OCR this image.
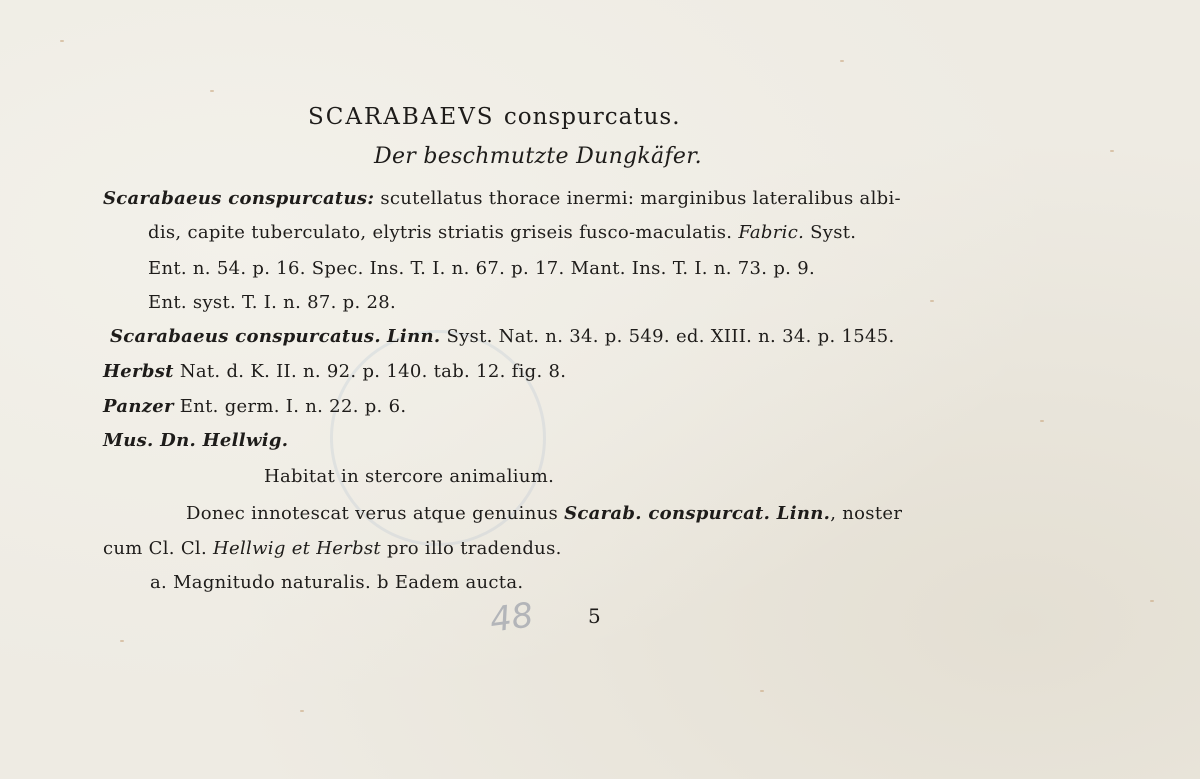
SCARABAEVS conspurcatus.
Der beschmutzte Dungkäfer.
Scarabaeus conspurcatus: scutellatus thorace inermi: marginibus lateralibus albi-
dis, capite tuberculato, elytris striatis griseis fusco-maculatis. Fabric. Syst.
Ent. n. 54. p. 16. Spec. Ins. T. I. n. 67. p. 17. Mant. Ins. T. I. n. 73. p. 9.
Ent. syst. T. I. n. 87. p. 28.
Scarabaeus conspurcatus. Linn. Syst. Nat. n. 34. p. 549. ed. XIII. n. 34. p. 1545.
Herbst Nat. d. K. II. n. 92. p. 140. tab. 12. fig. 8.
Panzer Ent. germ. I. n. 22. p. 6.
Mus. Dn. Hellwig.
Habitat in stercore animalium.
Donec innotescat verus atque genuinus Scarab. conspurcat. Linn., noster
cum Cl. Cl. Hellwig et Herbst pro illo tradendus.
a. Magnitudo naturalis. b Eadem aucta.
48	5
